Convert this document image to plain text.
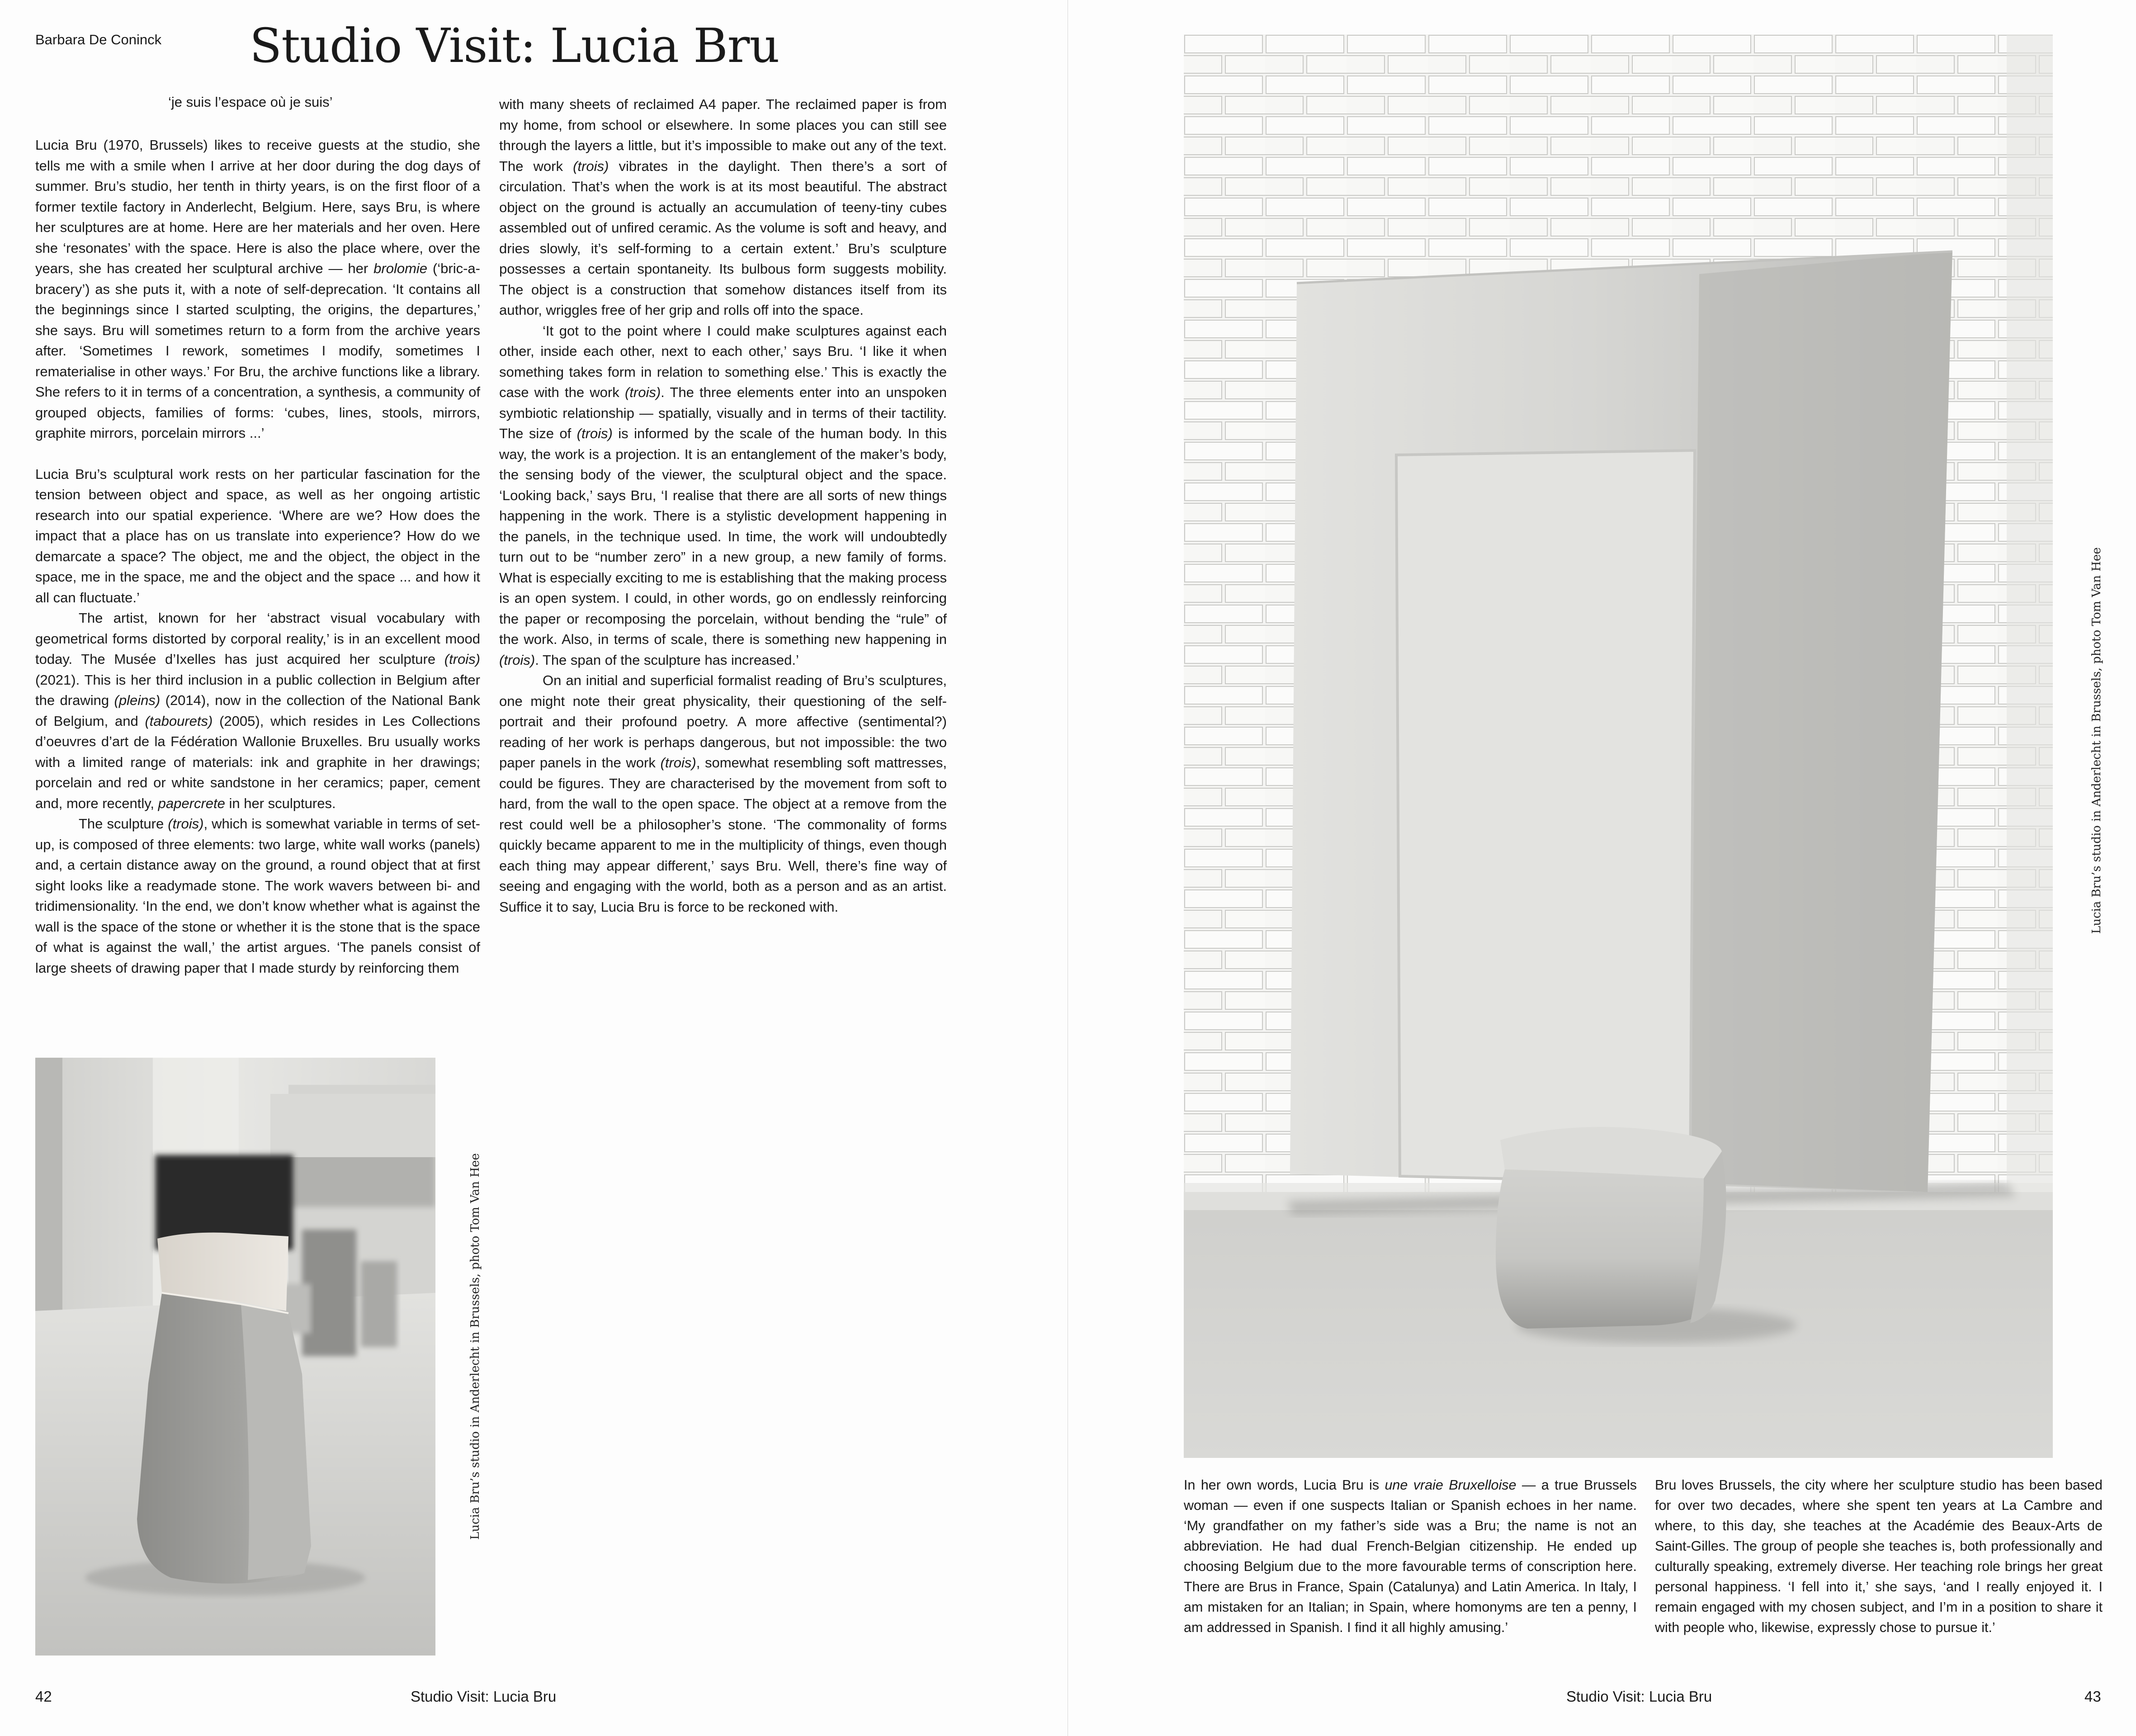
Barbara De Coninck Studio Visit: Lucia Bru
‘je suis l’espace où je suis’

Lucia Bru (1970, Brussels) likes to receive guests at the studio, she tells me with a smile when I arrive at her door during the dog days of summer. Bru’s studio, her tenth in thirty years, is on the first floor of a former textile factory in Anderlecht, Belgium. Here, says Bru, is where her sculptures are at home. Here are her materials and her oven. Here she ‘resonates’ with the space. Here is also the place where, over the years, she has created her sculptural archive — her brolomie (‘bric-a-bracery’) as she puts it, with a note of self-deprecation. ‘It contains all the beginnings since I started sculpting, the origins, the departures,’ she says. Bru will sometimes return to a form from the archive years after. ‘Sometimes I rework, sometimes I modify, sometimes I rematerialise in other ways.’ For Bru, the archive functions like a library. She refers to it in terms of a concentration, a synthesis, a community of grouped objects, families of forms: ‘cubes, lines, stools, mirrors, graphite mirrors, porcelain mirrors ...’

Lucia Bru’s sculptural work rests on her particular fascination for the tension between object and space, as well as her ongoing artistic research into our spatial experience. ‘Where are we? How does the impact that a place has on us translate into experience? How do we demarcate a space? The object, me and the object, the object in the space, me in the space, me and the object and the space ... and how it all can fluctuate.’

The artist, known for her ‘abstract visual vocabulary with geometrical forms distorted by corporal reality,’ is in an excellent mood today. The Musée d’Ixelles has just acquired her sculpture (trois) (2021). This is her third inclusion in a public collection in Belgium after the drawing (pleins) (2014), now in the collection of the National Bank of Belgium, and (tabourets) (2005), which resides in Les Collections d’oeuvres d’art de la Fédération Wallonie Bruxelles. Bru usually works with a limited range of materials: ink and graphite in her drawings; porcelain and red or white sandstone in her ceramics; paper, cement and, more recently, papercrete in her sculptures.

The sculpture (trois), which is somewhat variable in terms of set-up, is composed of three elements: two large, white wall works (panels) and, a certain distance away on the ground, a round object that at first sight looks like a readymade stone. The work wavers between bi- and tridimensionality. ‘In the end, we don’t know whether what is against the wall is the space of the stone or whether it is the stone that is the space of what is against the wall,’ the artist argues. ‘The panels consist of large sheets of drawing paper that I made sturdy by reinforcing them

with many sheets of reclaimed A4 paper. The reclaimed paper is from my home, from school or elsewhere. In some places you can still see through the layers a little, but it’s impossible to make out any of the text. The work (trois) vibrates in the daylight. Then there’s a sort of circulation. That’s when the work is at its most beautiful. The abstract object on the ground is actually an accumulation of teeny-tiny cubes assembled out of unfired ceramic. As the volume is soft and heavy, and dries slowly, it’s self-forming to a certain extent.’ Bru’s sculpture possesses a certain spontaneity. Its bulbous form suggests mobility. The object is a construction that somehow distances itself from its author, wriggles free of her grip and rolls off into the space.

‘It got to the point where I could make sculptures against each other, inside each other, next to each other,’ says Bru. ‘I like it when something takes form in relation to something else.’ This is exactly the case with the work (trois). The three elements enter into an unspoken symbiotic relationship — spatially, visually and in terms of their tactility. The size of (trois) is informed by the scale of the human body. In this way, the work is a projection. It is an entanglement of the maker’s body, the sensing body of the viewer, the sculptural object and the space. ‘Looking back,’ says Bru, ‘I realise that there are all sorts of new things happening in the work. There is a stylistic development happening in the panels, in the technique used. In time, the work will undoubtedly turn out to be “number zero” in a new group, a new family of forms. What is especially exciting to me is establishing that the making process is an open system. I could, in other words, go on endlessly reinforcing the paper or recomposing the porcelain, without bending the “rule” of the work. Also, in terms of scale, there is something new happening in (trois). The span of the sculpture has increased.’

On an initial and superficial formalist reading of Bru’s sculptures, one might note their great physicality, their questioning of the self-portrait and their profound poetry. A more affective (sentimental?) reading of her work is perhaps dangerous, but not impossible: the two paper panels in the work (trois), somewhat resembling soft mattresses, could be figures. They are characterised by the movement from soft to hard, from the wall to the open space. The object at a remove from the rest could well be a philosopher’s stone. ‘The commonality of forms quickly became apparent to me in the multiplicity of things, even though each thing may appear different,’ says Bru. Well, there’s fine way of seeing and engaging with the world, both as a person and as an artist. Suffice it to say, Lucia Bru is force to be reckoned with.

Lucia Bru’s studio in Anderlecht in Brussels, photo Tom Van Hee
42	Studio Visit: Lucia Bru
Lucia Bru’s studio in Anderlecht in Brussels, photo Tom Van Hee

In her own words, Lucia Bru is une vraie Bruxelloise — a true Brussels woman — even if one suspects Italian or Spanish echoes in her name. ‘My grandfather on my father’s side was a Bru; the name is not an abbreviation. He had dual French-Belgian citizenship. He ended up choosing Belgium due to the more favourable terms of conscription here. There are Brus in France, Spain (Catalunya) and Latin America. In Italy, I am mistaken for an Italian; in Spain, where homonyms are ten a penny, I am addressed in Spanish. I find it all highly amusing.’

Bru loves Brussels, the city where her sculpture studio has been based for over two decades, where she spent ten years at La Cambre and where, to this day, she teaches at the Académie des Beaux-Arts de Saint-Gilles. The group of people she teaches is, both professionally and culturally speaking, extremely diverse. Her teaching role brings her great personal happiness. ‘I fell into it,’ she says, ‘and I really enjoyed it. I remain engaged with my chosen subject, and I’m in a position to share it with people who, likewise, expressly chose to pursue it.’

Studio Visit: Lucia Bru	43
